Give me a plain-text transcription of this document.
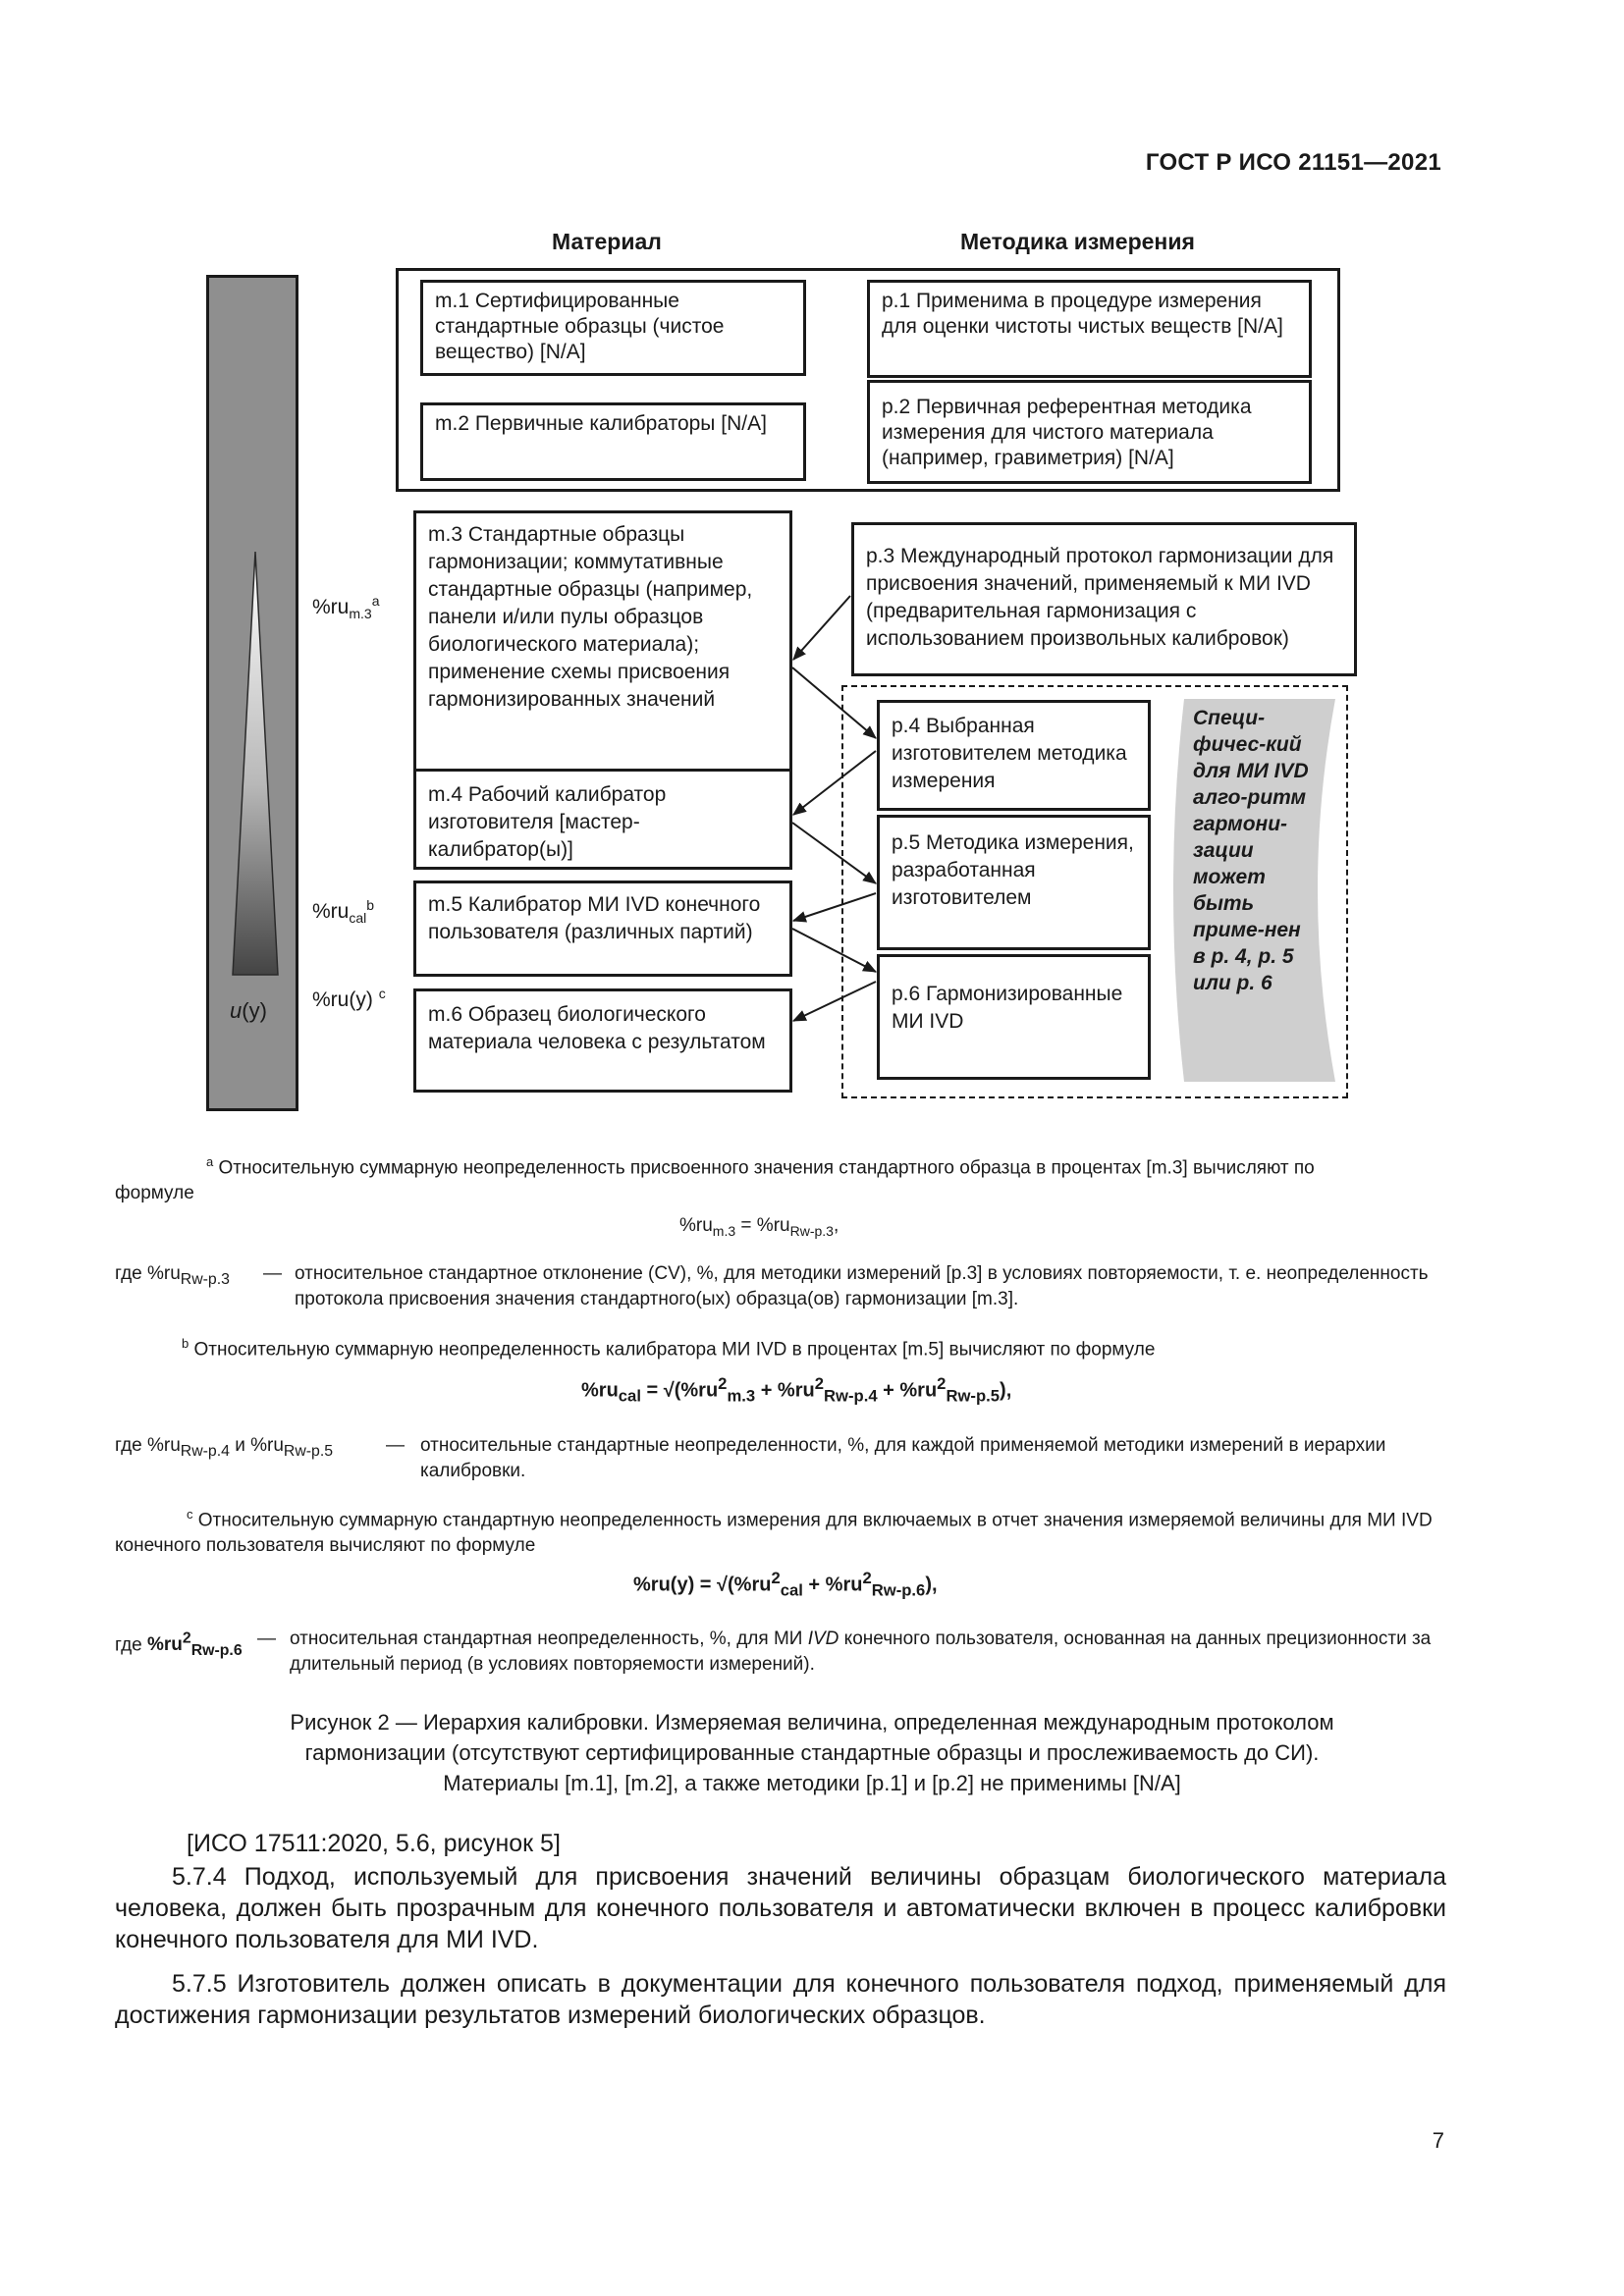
ГОСТ Р ИСО 21151—2021
Материал	Методика измерения
u(y)
$\%ru_{m.3}^a$
$\%ru_{cal}^b$
%ru(y) $^c$
m.1 Сертифицированные стандартные образцы (чистое вещество) [N/A]
m.2 Первичные калибраторы [N/A]
m.3 Стандартные образцы гармонизации; коммутативные стандартные образцы (например, панели и/или пулы образцов биологического материала); применение схемы присвоения гармонизированных значений
m.4 Рабочий калибратор изготовителя [мастер-калибратор(ы)]
m.5 Калибратор МИ IVD конечного пользователя (различных партий)
m.6 Образец биологического материала человека с результатом
p.1 Применима в процедуре измерения для оценки чистоты чистых веществ [N/A]
p.2 Первичная референтная методика измерения для чистого материала (например, гравиметрия) [N/A]
p.3 Международный протокол гармонизации для присвоения значений, применяемый к МИ IVD (предварительная гармонизация с использованием произвольных калибровок)
p.4 Выбранная изготовителем методика измерения
p.5 Методика измерения, разработанная изготовителем
p.6 Гармонизированные МИ IVD
Специ-фичес-кий для МИ IVD алго-ритм гармони-зации может быть приме-нен в р. 4, р. 5 или р. 6
$^a$ Относительную суммарную неопределенность присвоенного значения стандартного образца в процентах [m.3] вычисляют по формуле
$\%ru_{m.3} = \%ru_{Rw-p.3}$,
где $\%ru_{Rw-p.3}$ — относительное стандартное отклонение (CV), %, для методики измерений [p.3] в условиях повторяемости, т. е. неопределенность протокола присвоения значения стандартного(ых) образца(ов) гармонизации [m.3].
$^b$ Относительную суммарную неопределенность калибратора МИ IVD в процентах [m.5] вычисляют по формуле
$\%ru_{cal} = √(\%ru^2_{m.3} + \%ru^2_{Rw-p.4} + \%ru^2_{Rw-p.5})$,
где $\%ru_{Rw-p.4}$ и $\%ru_{Rw-p.5}$	— относительные стандартные неопределенности, %, для каждой применяемой методики измерений в иерархии калибровки.
$^c$ Относительную суммарную стандартную неопределенность измерения для включаемых в отчет значения измеряемой величины для МИ IVD конечного пользователя вычисляют по формуле
$\%ru(y) = √(\%ru^2_{cal} + \%ru^2_{Rw-p.6})$,
где $\%ru^2_{Rw-p.6}$
— относительная стандартная неопределенность, %, для МИ IVD конечного пользователя, основанная на данных прецизионности за длительный период (в условиях повторяемости измерений).
Рисунок 2 — Иерархия калибровки. Измеряемая величина, определенная международным протоколом
гармонизации (отсутствуют сертифицированные стандартные образцы и прослеживаемость до СИ).
Материалы [m.1], [m.2], а также методики [p.1] и [p.2] не применимы [N/A]
[ИСО 17511:2020, 5.6, рисунок 5]
5.7.4 Подход, используемый для присвоения значений величины образцам биологического материала человека, должен быть прозрачным для конечного пользователя и автоматически включен в процесс калибровки конечного пользователя для МИ IVD.
5.7.5 Изготовитель должен описать в документации для конечного пользователя подход, применяемый для достижения гармонизации результатов измерений биологических образцов.
7
